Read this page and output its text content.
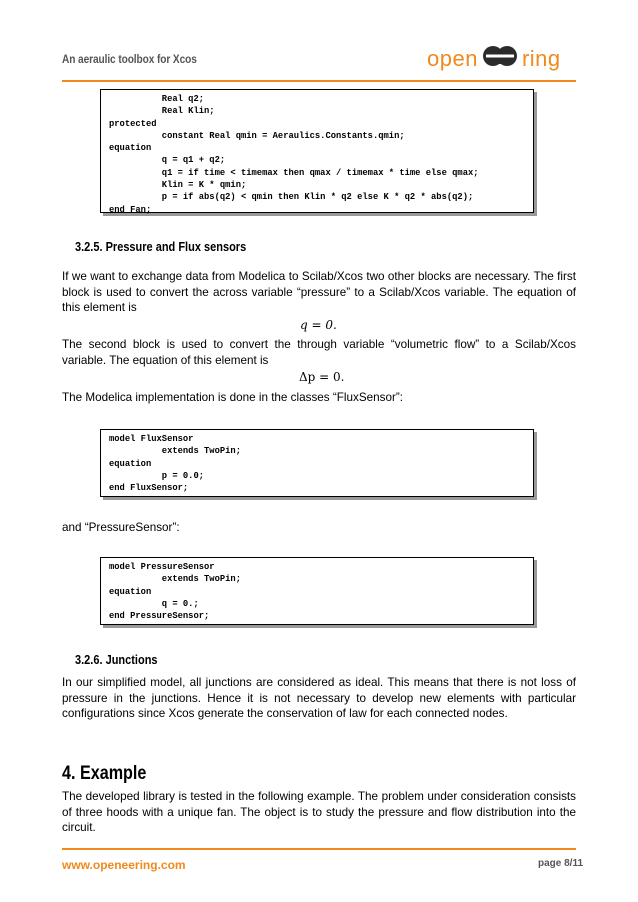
An aeraulic toolbox for Xcos	open ring
Real q2;
Real Klin;
protected
constant Real qmin = Aeraulics.Constants.qmin;
equation
q = q1 + q2;
q1 = if time < timemax then qmax / timemax * time else qmax;
Klin = K * qmin;
p = if abs(q2) < qmin then Klin * q2 else K * q2 * abs(q2);
end Fan;
3.2.5. Pressure and Flux sensors
If we want to exchange data from Modelica to Scilab/Xcos two other blocks are necessary. The first block is used to convert the across variable “pressure” to a Scilab/Xcos variable. The equation of this element is
q = 0.
The second block is used to convert the through variable “volumetric flow” to a Scilab/Xcos variable. The equation of this element is
Δp = 0.
The Modelica implementation is done in the classes “FluxSensor”:
model FluxSensor
extends TwoPin;
equation
p = 0.0;
end FluxSensor;
and “PressureSensor”:
model PressureSensor
extends TwoPin;
equation
q = 0.;
end PressureSensor;
3.2.6. Junctions
In our simplified model, all junctions are considered as ideal. This means that there is not loss of pressure in the junctions. Hence it is not necessary to develop new elements with particular configurations since Xcos generate the conservation of law for each connected nodes.
4. Example
The developed library is tested in the following example. The problem under consideration consists of three hoods with a unique fan. The object is to study the pressure and flow distribution into the circuit.
www.openeering.com	page 8/11
